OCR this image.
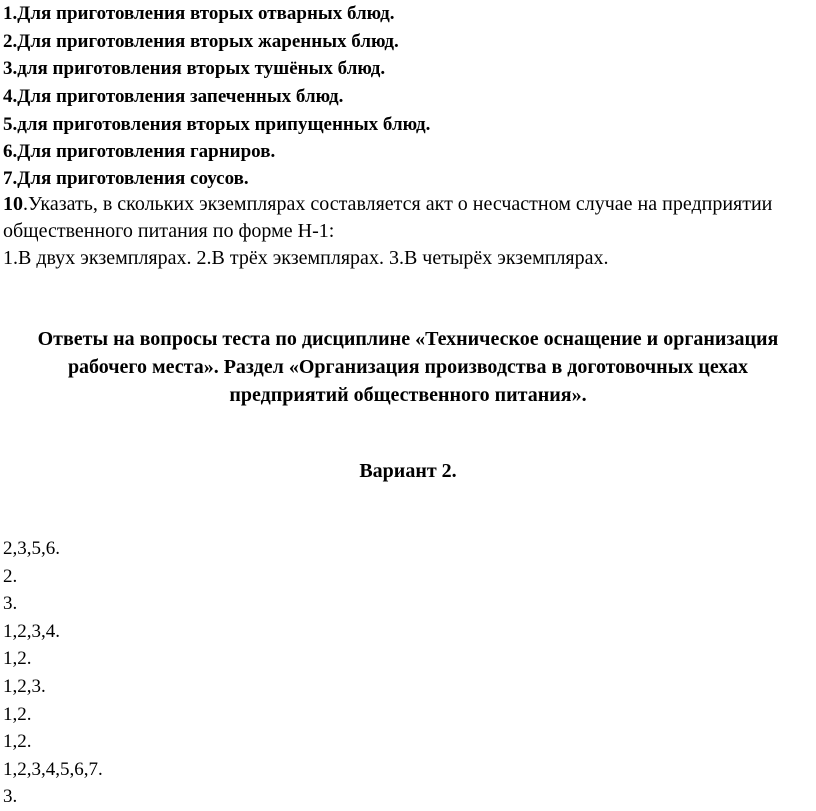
1.Для приготовления вторых отварных блюд.
2.Для приготовления вторых жаренных блюд.
3.для приготовления вторых тушёных блюд.
4.Для приготовления запеченных блюд.
5.для приготовления вторых припущенных блюд.
6.Для приготовления гарниров.
7.Для приготовления соусов.
10.Указать, в скольких экземплярах составляется акт о несчастном случае на предприятии общественного питания по форме Н-1:
1.В двух экземплярах. 2.В трёх экземплярах. 3.В четырёх экземплярах.
Ответы на вопросы теста по дисциплине «Техническое оснащение и организация рабочего места». Раздел «Организация производства в доготовочных цехах предприятий общественного питания».
Вариант 2.
2,3,5,6.
2.
3.
1,2,3,4.
1,2.
1,2,3.
1,2.
1,2.
1,2,3,4,5,6,7.
3.
